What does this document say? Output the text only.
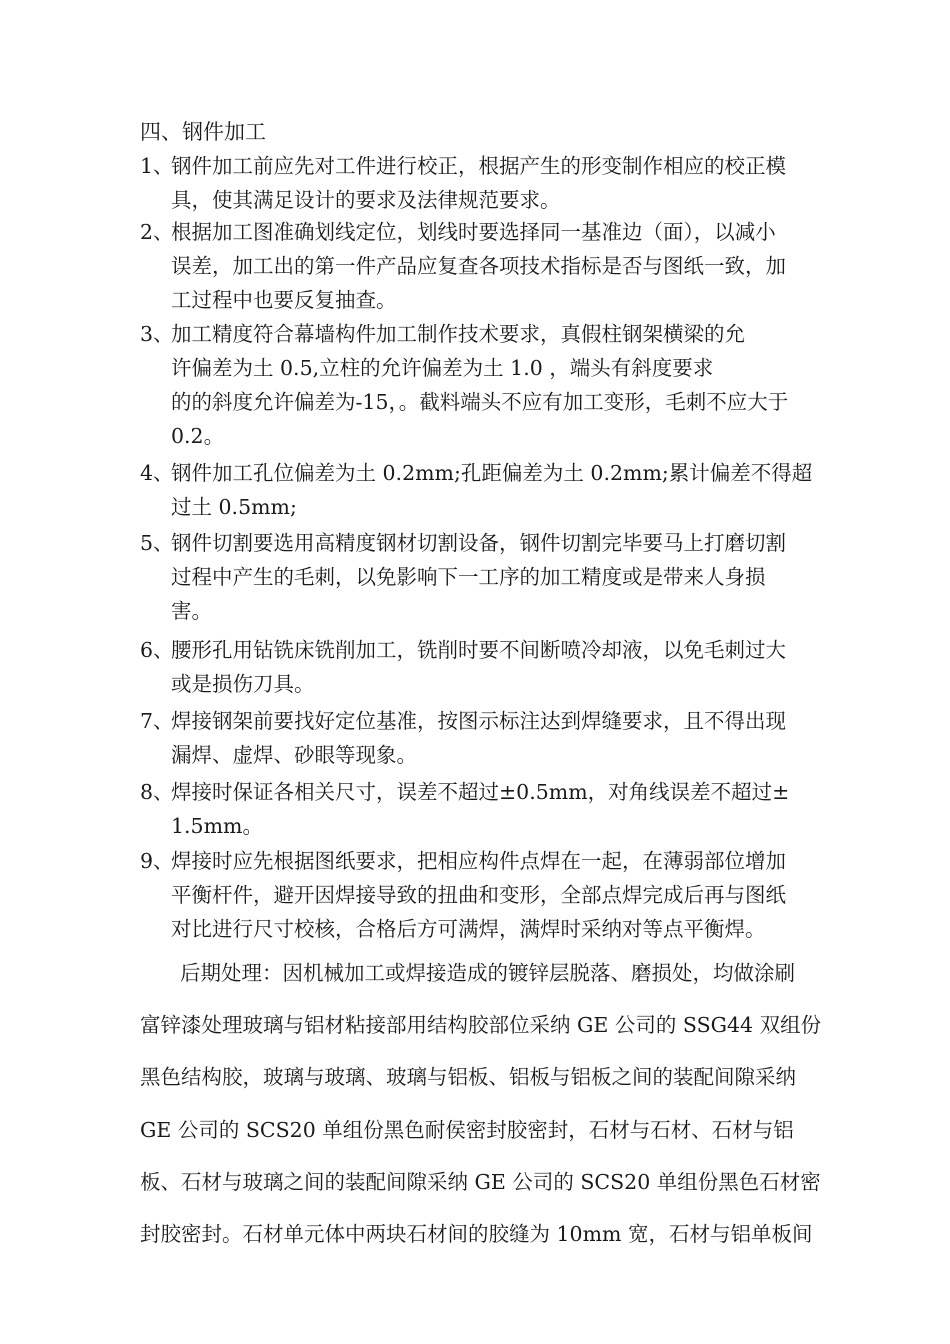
四、钢件加工
1、
钢件加工前应先对工件进行校正，根据产生的形变制作相应的校正模
具，使其满足设计的要求及法律规范要求。
2、
根据加工图准确划线定位，划线时要选择同一基准边（面），以减小
误差，加工出的第一件产品应复查各项技术指标是否与图纸一致，加
工过程中也要反复抽查。
3、
加工精度符合幕墙构件加工制作技术要求，真假柱钢架横梁的允
许偏差为土 0.5,立柱的允许偏差为土 1.0 ，端头有斜度要求
的的斜度允许偏差为-15，。截料端头不应有加工变形，毛刺不应大于
0.2。
4、
钢件加工孔位偏差为土 0.2mm;孔距偏差为土 0.2mm;累计偏差不得超
过土 0.5mm;
5、
钢件切割要选用高精度钢材切割设备，钢件切割完毕要马上打磨切割
过程中产生的毛刺，以免影响下一工序的加工精度或是带来人身损
害。
6、
腰形孔用钻铣床铣削加工，铣削时要不间断喷冷却液，以免毛刺过大
或是损伤刀具。
7、
焊接钢架前要找好定位基准，按图示标注达到焊缝要求，且不得出现
漏焊、虚焊、砂眼等现象。
8、
焊接时保证各相关尺寸，误差不超过±0.5mm，对角线误差不超过±
1.5mm。
9、
焊接时应先根据图纸要求，把相应构件点焊在一起，在薄弱部位增加
平衡杆件，避开因焊接导致的扭曲和变形，全部点焊完成后再与图纸
对比进行尺寸校核，合格后方可满焊，满焊时采纳对等点平衡焊。
后期处理：因机械加工或焊接造成的镀锌层脱落、磨损处，均做涂刷
富锌漆处理玻璃与铝材粘接部用结构胶部位采纳 GE 公司的 SSG44 双组份
黑色结构胶，玻璃与玻璃、玻璃与铝板、铝板与铝板之间的装配间隙采纳
GE 公司的 SCS20 单组份黑色耐侯密封胶密封，石材与石材、石材与铝
板、石材与玻璃之间的装配间隙采纳 GE 公司的 SCS20 单组份黑色石材密
封胶密封。石材单元体中两块石材间的胶缝为 10mm 宽，石材与铝单板间
